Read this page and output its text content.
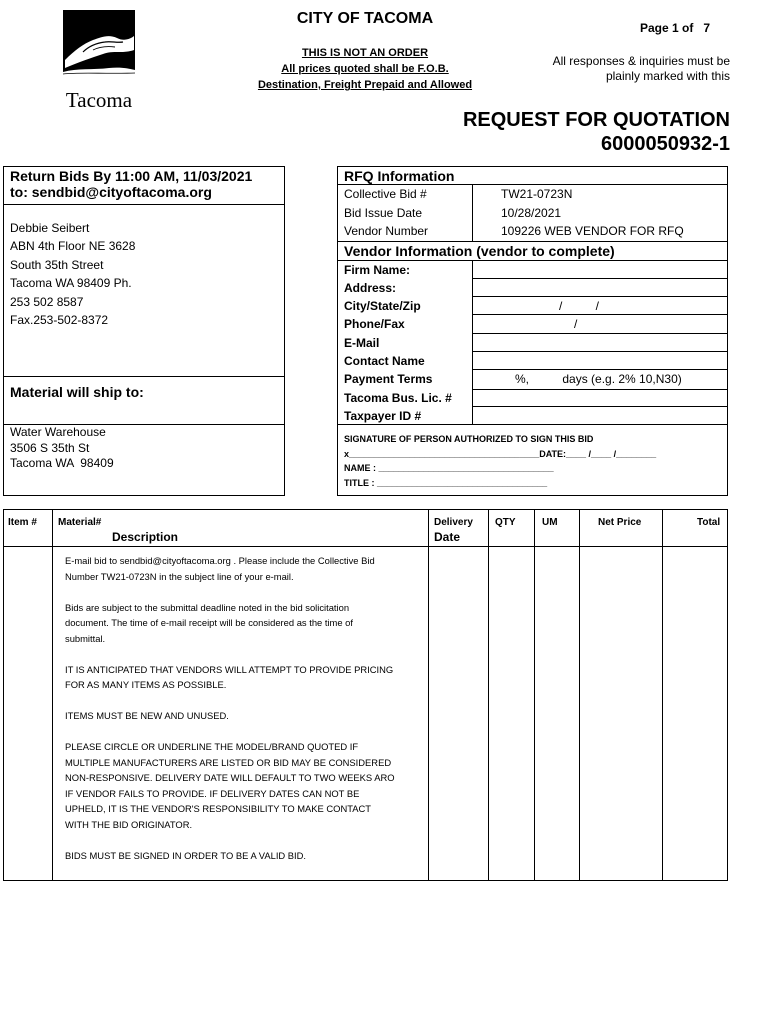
Tacoma
CITY OF TACOMA
THIS IS NOT AN ORDER
All prices quoted shall be F.O.B.
Destination, Freight Prepaid and Allowed
Page 1 of   7
All responses & inquiries must be
plainly marked with this
REQUEST FOR QUOTATION
6000050932-1
Return Bids By 11:00 AM, 11/03/2021
to: sendbid@cityoftacoma.org
Debbie Seibert
ABN 4th Floor NE 3628
South 35th Street
Tacoma WA 98409 Ph.
253 502 8587
Fax.253-502-8372
Material will ship to:
Water Warehouse
3506 S 35th St
Tacoma WA  98409
RFQ Information
Collective Bid #	TW21-0723N
Bid Issue Date	10/28/2021
Vendor Number	109226 WEB VENDOR FOR RFQ
Vendor Information (vendor to complete)
Firm Name:
Address:
City/State/Zip	/          /
Phone/Fax	/
E-Mail
Contact Name
Payment Terms	%,          days (e.g. 2% 10,N30)
Tacoma Bus. Lic. #
Taxpayer ID #
SIGNATURE OF PERSON AUTHORIZED TO SIGN THIS BID
x______________________________________DATE:____ /____ /________
NAME : ___________________________________
TITLE : __________________________________
Item # Material#
Description
Delivery
Date
QTY	UM	Net Price	Total

E-mail bid to sendbid@cityoftacoma.org . Please include the Collective Bid Number TW21-0723N in the subject line of your e-mail.

Bids are subject to the submittal deadline noted in the bid solicitation document. The time of e-mail receipt will be considered as the time of submittal.

IT IS ANTICIPATED THAT VENDORS WILL ATTEMPT TO PROVIDE PRICING FOR AS MANY ITEMS AS POSSIBLE.

ITEMS MUST BE NEW AND UNUSED.

PLEASE CIRCLE OR UNDERLINE THE MODEL/BRAND QUOTED IF MULTIPLE MANUFACTURERS ARE LISTED OR BID MAY BE CONSIDERED NON-RESPONSIVE. DELIVERY DATE WILL DEFAULT TO TWO WEEKS ARO IF VENDOR FAILS TO PROVIDE. IF DELIVERY DATES CAN NOT BE UPHELD, IT IS THE VENDOR'S RESPONSIBILITY TO MAKE CONTACT WITH THE BID ORIGINATOR.

BIDS MUST BE SIGNED IN ORDER TO BE A VALID BID.
